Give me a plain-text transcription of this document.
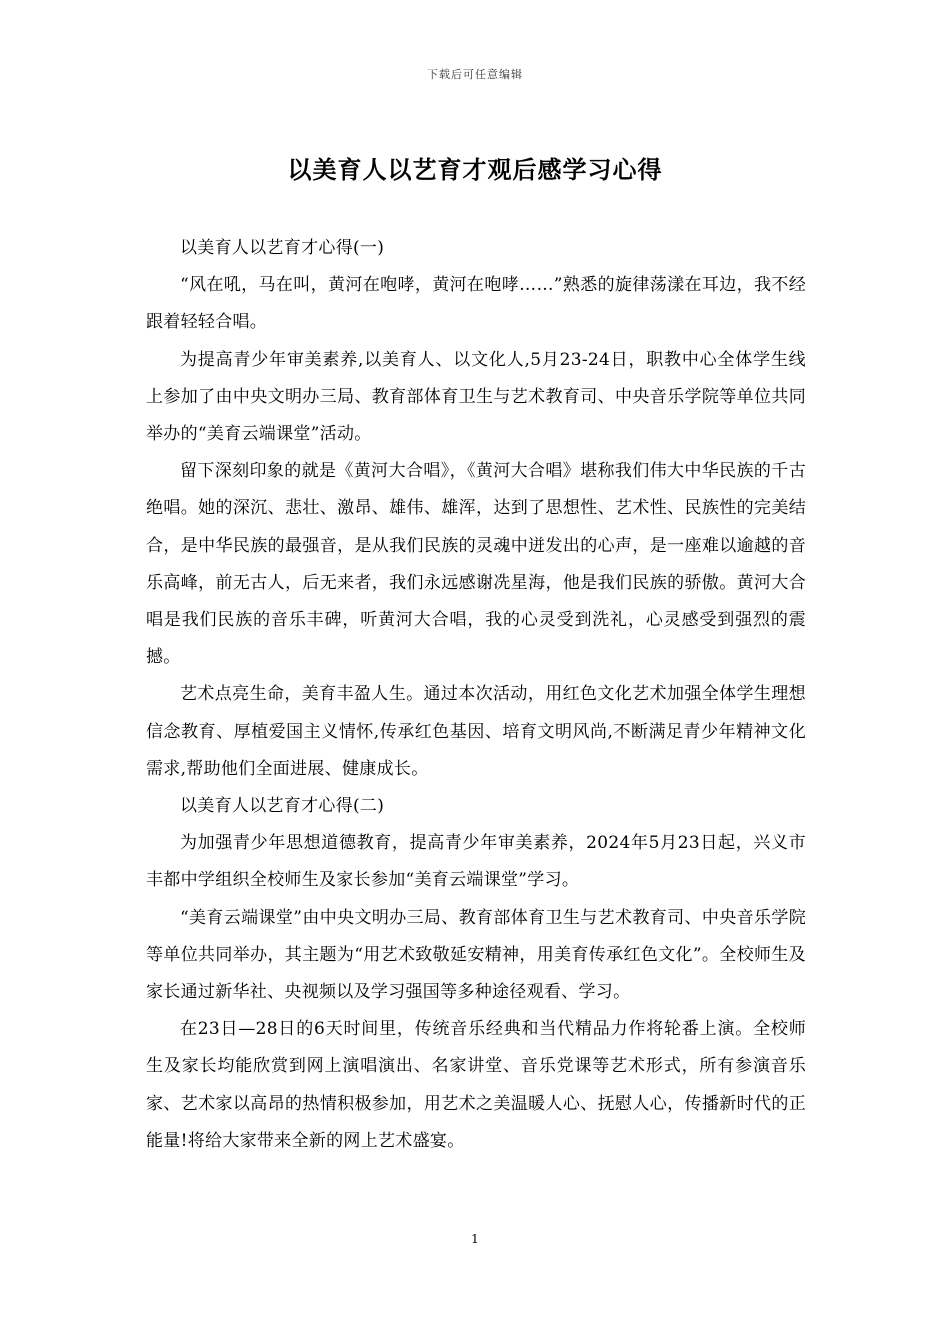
下载后可任意编辑
以美育人以艺育才观后感学习心得

以美育人以艺育才心得(一)

“风在吼，马在叫，黄河在咆哮，黄河在咆哮……”熟悉的旋律荡漾在耳边，我不经跟着轻轻合唱。

为提高青少年审美素养,以美育人、以文化人,5月23-24日，职教中心全体学生线上参加了由中央文明办三局、教育部体育卫生与艺术教育司、中央音乐学院等单位共同举办的“美育云端课堂”活动。

留下深刻印象的就是《黄河大合唱》，《黄河大合唱》堪称我们伟大中华民族的千古绝唱。她的深沉、悲壮、激昂、雄伟、雄浑，达到了思想性、艺术性、民族性的完美结合，是中华民族的最强音，是从我们民族的灵魂中迸发出的心声，是一座难以逾越的音乐高峰，前无古人，后无来者，我们永远感谢冼星海，他是我们民族的骄傲。黄河大合唱是我们民族的音乐丰碑，听黄河大合唱，我的心灵受到洗礼，心灵感受到强烈的震撼。

艺术点亮生命，美育丰盈人生。通过本次活动，用红色文化艺术加强全体学生理想信念教育、厚植爱国主义情怀,传承红色基因、培育文明风尚,不断满足青少年精神文化需求,帮助他们全面进展、健康成长。

以美育人以艺育才心得(二)

为加强青少年思想道德教育，提高青少年审美素养，2024年5月23日起，兴义市丰都中学组织全校师生及家长参加“美育云端课堂”学习。

“美育云端课堂”由中央文明办三局、教育部体育卫生与艺术教育司、中央音乐学院等单位共同举办，其主题为“用艺术致敬延安精神，用美育传承红色文化”。全校师生及家长通过新华社、央视频以及学习强国等多种途径观看、学习。

在23日—28日的6天时间里，传统音乐经典和当代精品力作将轮番上演。全校师生及家长均能欣赏到网上演唱演出、名家讲堂、音乐党课等艺术形式，所有参演音乐家、艺术家以高昂的热情积极参加，用艺术之美温暖人心、抚慰人心，传播新时代的正能量!将给大家带来全新的网上艺术盛宴。

1
